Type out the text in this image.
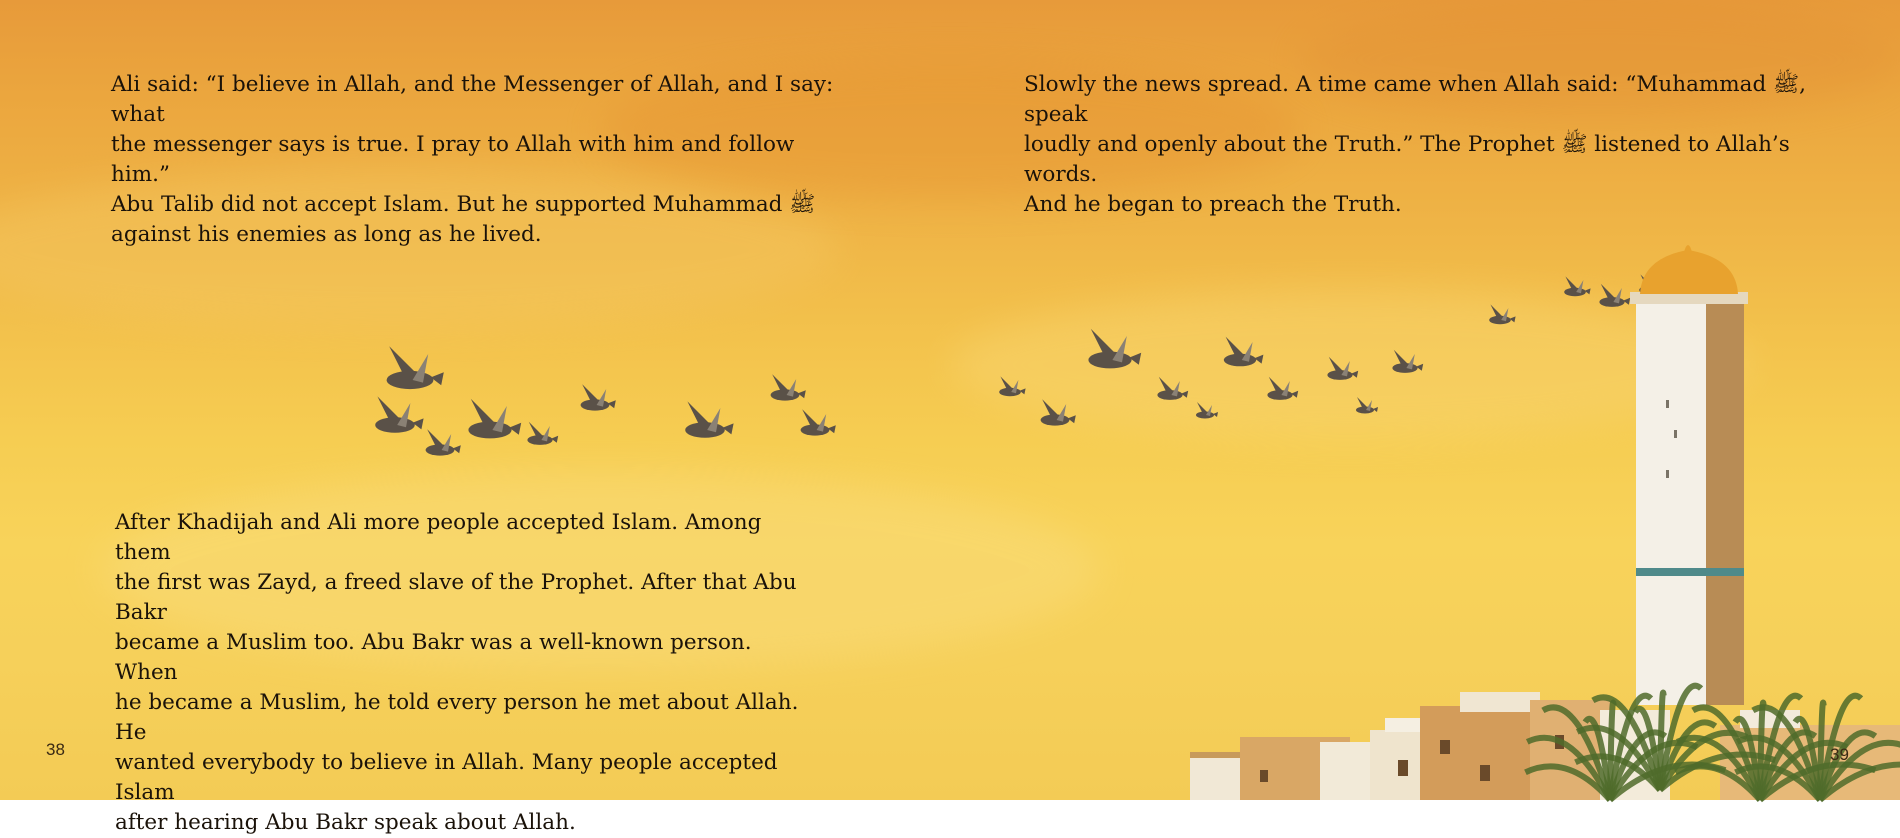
Ali said: “I believe in Allah, and the Messenger of Allah, and I say: what
the messenger says is true. I pray to Allah with him and follow him.”
Abu Talib did not accept Islam. But he supported Muhammad ﷺ
against his enemies as long as he lived.

Slowly the news spread. A time came when Allah said: “Muhammad ﷺ, speak
loudly and openly about the Truth.” The Prophet ﷺ listened to Allah’s words.
And he began to preach the Truth.

After Khadijah and Ali more people accepted Islam. Among them
the first was Zayd, a freed slave of the Prophet. After that Abu Bakr
became a Muslim too. Abu Bakr was a well-known person. When
he became a Muslim, he told every person he met about Allah. He
wanted everybody to believe in Allah. Many people accepted Islam
after hearing Abu Bakr speak about Allah.

38	39
